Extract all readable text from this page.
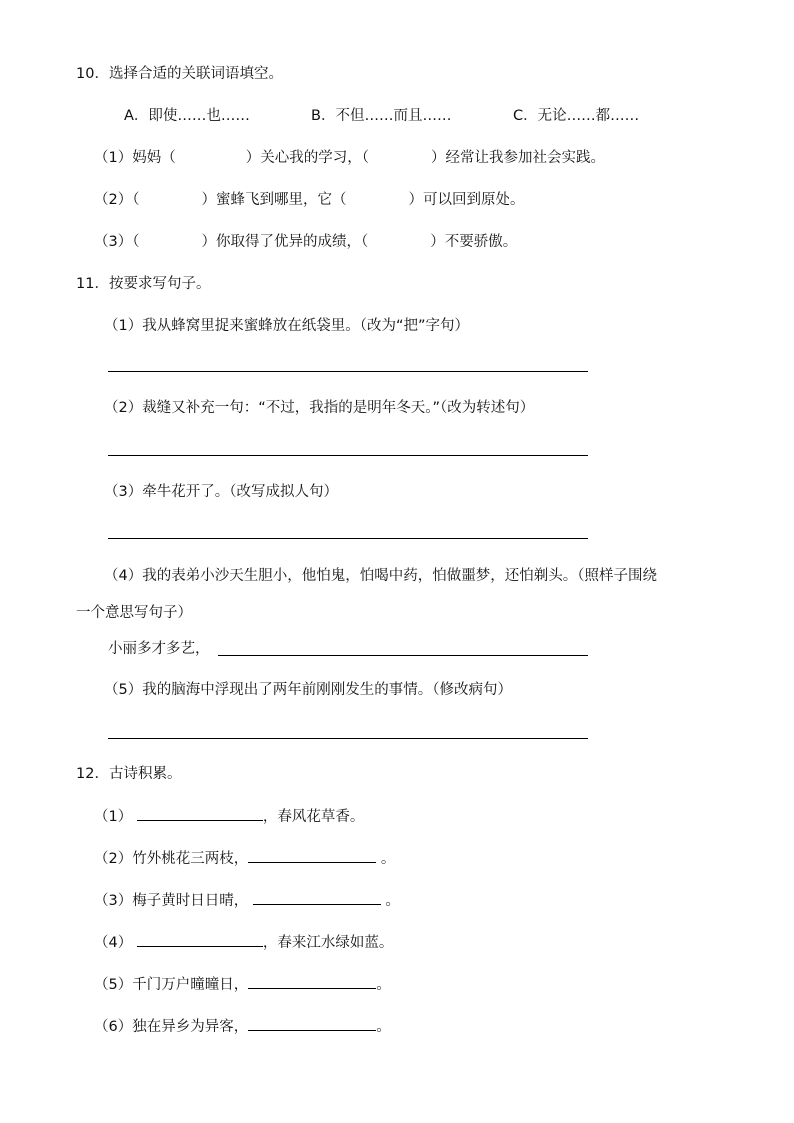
10．选择合适的关联词语填空。
A．即使……也……	B．不但……而且……	C．无论……都……
（1）妈妈（	）关心我的学习，（	）经常让我参加社会实践。
（2）（	）蜜蜂飞到哪里，它（	）可以回到原处。
（3）（	）你取得了优异的成绩，（	）不要骄傲。
11．按要求写句子。
（1）我从蜂窝里捉来蜜蜂放在纸袋里。（改为“把”字句）
（2）裁缝又补充一句：“不过，我指的是明年冬天。”（改为转述句）
（3）牵牛花开了。（改写成拟人句）
（4）我的表弟小沙天生胆小，他怕鬼，怕喝中药，怕做噩梦，还怕剃头。（照样子围绕
一个意思写句子）
小丽多才多艺，
（5）我的脑海中浮现出了两年前刚刚发生的事情。（修改病句）
12．古诗积累。
（1）	，春风花草香。
（2）竹外桃花三两枝，	。
（3）梅子黄时日日晴，	。
（4）	，春来江水绿如蓝。
（5）千门万户曈曈日，	。
（6）独在异乡为异客，	。
